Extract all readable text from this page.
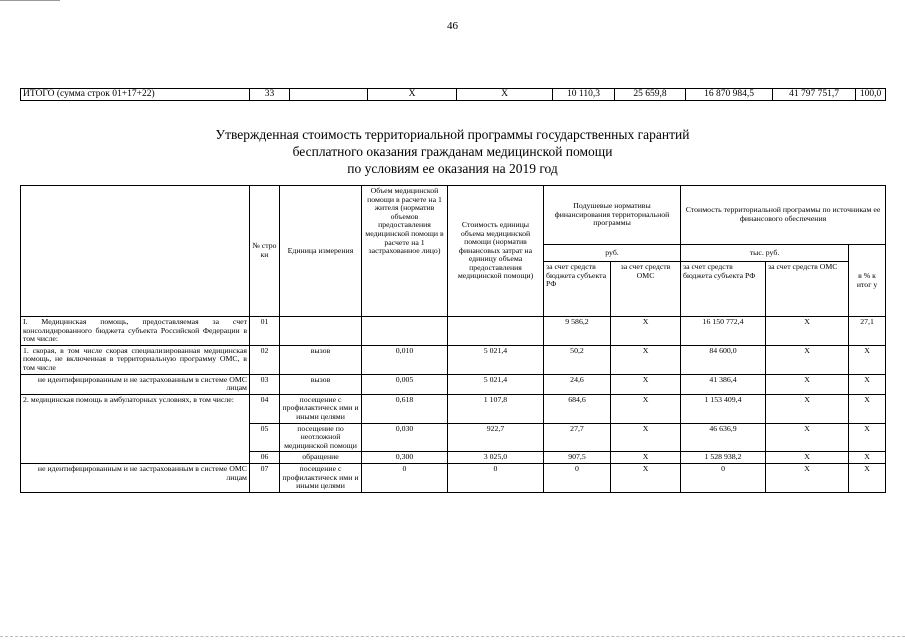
46
ИТОГО (сумма строк 01+17+22)	33		X	X	10 110,3	25 659,8	16 870 984,5	41 797 751,7	100,0
Утвержденная стоимость территориальной программы государственных гарантий
бесплатного оказания гражданам медицинской помощи
по условиям ее оказания на 2019 год
	№ стро ки	Единица измерения	Объем медицинской помощи в расчете на 1 жителя (норматив объемов предоставления медицинской помощи в расчете на 1 застрахованное лицо)	Стоимость единицы объема медицинской помощи (норматив финансовых затрат на единицу объема предоставления медицинской помощи)	Подушевые нормативы финансирования территориальной программы		Стоимость территориальной программы по источникам ее финансового обеспечения		
					руб.		тыс. руб.		в % к итог у
					за счет средств бюджета субъекта РФ	за счет средств ОМС	за счет средств бюджета субъекта РФ	за счет средств ОМС	
I. Медицинская помощь, предоставляемая за счет консолидированного бюджета субъекта Российской Федерации в том числе:	01				9 586,2	X	16 150 772,4	X	27,1
1. скорая, в том числе скорая специализированная медицинская помощь, не включенная в территориальную программу ОМС, в том числе	02	вызов	0,010	5 021,4	50,2	X	84 600,0	X	X
не идентифицированным и не застрахованным в системе ОМС лицам	03	вызов	0,005	5 021,4	24,6	X	41 386,4	X	X
2. медицинская помощь в амбулаторных условиях, в том числе:	04	посещение с профилактическ ими и иными целями	0,618	1 107,8	684,6	X	1 153 409,4	X	X
	05	посещение по неотложной медицинской помощи	0,030	922,7	27,7	X	46 636,9	X	X
	06	обращение	0,300	3 025,0	907,5	X	1 528 938,2	X	X
не идентифицированным и не застрахованным в системе ОМС лицам	07	посещение с профилактическ ими и иными целями	0	0	0	X	0	X	X
